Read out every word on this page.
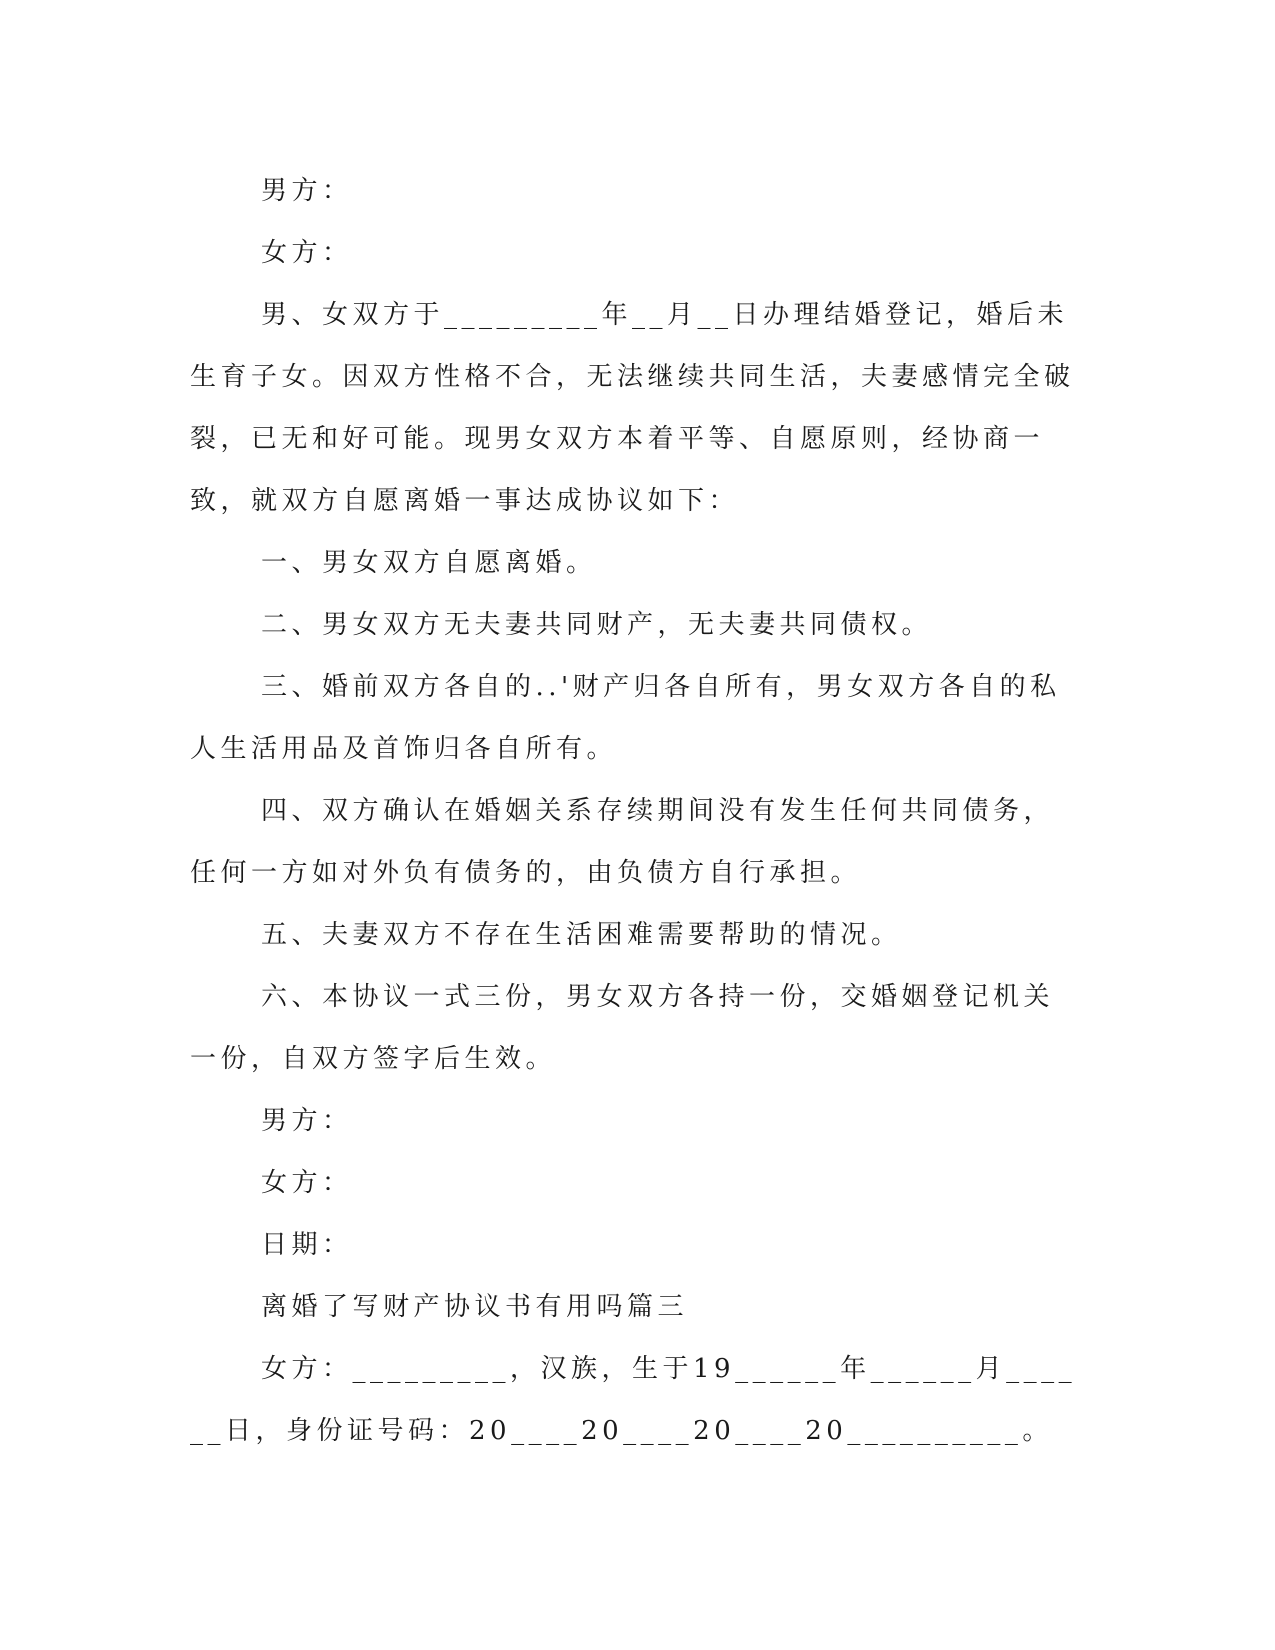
男方：

女方：

男、女双方于_________年__月__日办理结婚登记，婚后未生育子女。因双方性格不合，无法继续共同生活，夫妻感情完全破裂，已无和好可能。现男女双方本着平等、自愿原则，经协商一致，就双方自愿离婚一事达成协议如下：

一、男女双方自愿离婚。

二、男女双方无夫妻共同财产，无夫妻共同债权。

三、婚前双方各自的..'财产归各自所有，男女双方各自的私人生活用品及首饰归各自所有。

四、双方确认在婚姻关系存续期间没有发生任何共同债务，任何一方如对外负有债务的，由负债方自行承担。

五、夫妻双方不存在生活困难需要帮助的情况。

六、本协议一式三份，男女双方各持一份，交婚姻登记机关一份，自双方签字后生效。

男方：

女方：

日期：

离婚了写财产协议书有用吗篇三

女方：_________，汉族，生于19______年______月______日，身份证号码：20____20____20____20__________。
